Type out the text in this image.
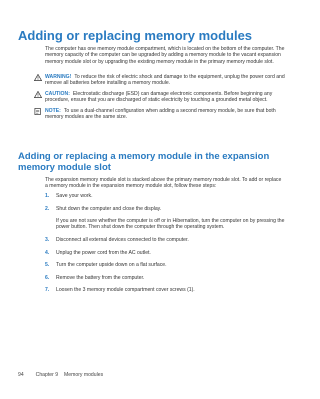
Adding or replacing memory modules
The computer has one memory module compartment, which is located on the bottom of the computer. The memory capacity of the computer can be upgraded by adding a memory module to the vacant expansion memory module slot or by upgrading the existing memory module in the primary memory module slot.
WARNING! To reduce the risk of electric shock and damage to the equipment, unplug the power cord and remove all batteries before installing a memory module.
CAUTION: Electrostatic discharge (ESD) can damage electronic components. Before beginning any procedure, ensure that you are discharged of static electricity by touching a grounded metal object.
NOTE: To use a dual-channel configuration when adding a second memory module, be sure that both memory modules are the same size.
Adding or replacing a memory module in the expansion memory module slot
The expansion memory module slot is stacked above the primary memory module slot. To add or replace a memory module in the expansion memory module slot, follow these steps:
1. Save your work.
2. Shut down the computer and close the display.
If you are not sure whether the computer is off or in Hibernation, turn the computer on by pressing the power button. Then shut down the computer through the operating system.
3. Disconnect all external devices connected to the computer.
4. Unplug the power cord from the AC outlet.
5. Turn the computer upside down on a flat surface.
6. Remove the battery from the computer.
7. Loosen the 3 memory module compartment cover screws (1).
94 Chapter 9 Memory modules
